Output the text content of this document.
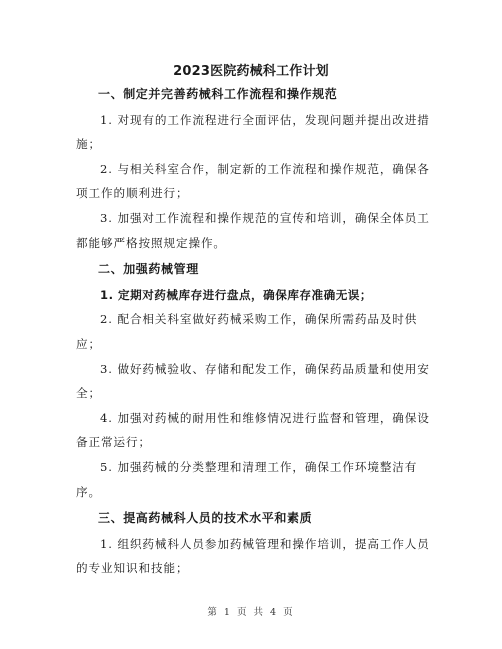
2023医院药械科工作计划
一、制定并完善药械科工作流程和操作规范
1. 对现有的工作流程进行全面评估，发现问题并提出改进措
施；
2. 与相关科室合作，制定新的工作流程和操作规范，确保各
项工作的顺利进行；
3. 加强对工作流程和操作规范的宣传和培训，确保全体员工
都能够严格按照规定操作。
二、加强药械管理
1. 定期对药械库存进行盘点，确保库存准确无误；
2. 配合相关科室做好药械采购工作，确保所需药品及时供
应；
3. 做好药械验收、存储和配发工作，确保药品质量和使用安
全；
4. 加强对药械的耐用性和维修情况进行监督和管理，确保设
备正常运行；
5. 加强药械的分类整理和清理工作，确保工作环境整洁有
序。
三、提高药械科人员的技术水平和素质
1. 组织药械科人员参加药械管理和操作培训，提高工作人员
的专业知识和技能；
第 1 页 共 4 页
